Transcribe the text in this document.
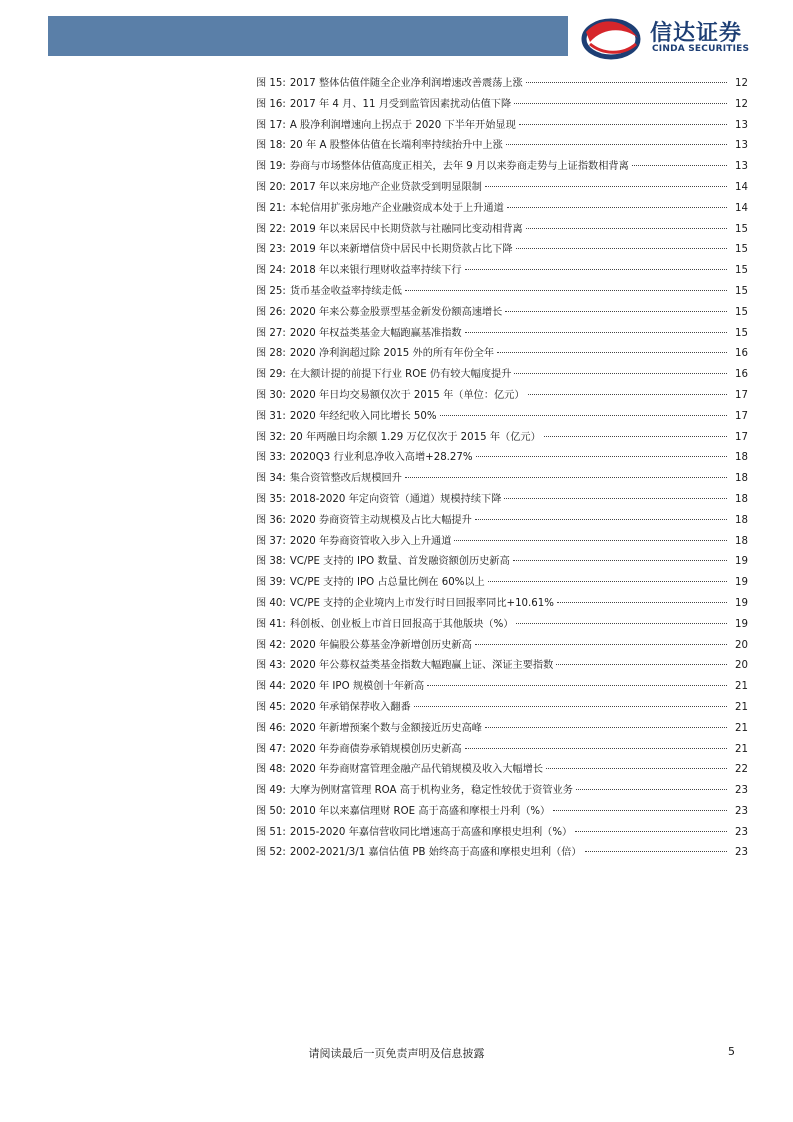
信达证券
CINDA SECURITIES
图 15: 2017 整体估值伴随全企业净利润增速改善震荡上涨	12
图 16: 2017 年 4 月、11 月受到监管因素扰动估值下降	12
图 17: A 股净利润增速向上拐点于 2020 下半年开始显现	13
图 18: 20 年 A 股整体估值在长端利率持续抬升中上涨	13
图 19: 券商与市场整体估值高度正相关，去年 9 月以来券商走势与上证指数相背离	13
图 20: 2017 年以来房地产企业贷款受到明显限制	14
图 21: 本轮信用扩张房地产企业融资成本处于上升通道	14
图 22: 2019 年以来居民中长期贷款与社融同比变动相背离	15
图 23: 2019 年以来新增信贷中居民中长期贷款占比下降	15
图 24: 2018 年以来银行理财收益率持续下行	15
图 25: 货币基金收益率持续走低	15
图 26: 2020 年来公募金股票型基金新发份额高速增长	15
图 27: 2020 年权益类基金大幅跑赢基准指数	15
图 28: 2020 净利润超过除 2015 外的所有年份全年	16
图 29: 在大额计提的前提下行业 ROE 仍有较大幅度提升	16
图 30: 2020 年日均交易额仅次于 2015 年（单位：亿元）	17
图 31: 2020 年经纪收入同比增长 50%	17
图 32: 20 年两融日均余额 1.29 万亿仅次于 2015 年（亿元）	17
图 33: 2020Q3 行业利息净收入高增+28.27%	18
图 34: 集合资管整改后规模回升	18
图 35: 2018-2020 年定向资管（通道）规模持续下降	18
图 36: 2020 券商资管主动规模及占比大幅提升	18
图 37: 2020 年券商资管收入步入上升通道	18
图 38: VC/PE 支持的 IPO 数量、首发融资额创历史新高	19
图 39: VC/PE 支持的 IPO 占总量比例在 60%以上	19
图 40: VC/PE 支持的企业境内上市发行时日回报率同比+10.61%	19
图 41: 科创板、创业板上市首日回报高于其他版块（%）	19
图 42: 2020 年偏股公募基金净新增创历史新高	20
图 43: 2020 年公募权益类基金指数大幅跑赢上证、深证主要指数	20
图 44: 2020 年 IPO 规模创十年新高	21
图 45: 2020 年承销保荐收入翻番	21
图 46: 2020 年新增预案个数与金额接近历史高峰	21
图 47: 2020 年券商债券承销规模创历史新高	21
图 48: 2020 年券商财富管理金融产品代销规模及收入大幅增长	22
图 49: 大摩为例财富管理 ROA 高于机构业务，稳定性较优于资管业务	23
图 50: 2010 年以来嘉信理财 ROE 高于高盛和摩根士丹利（%）	23
图 51: 2015-2020 年嘉信营收同比增速高于高盛和摩根史坦利（%）	23
图 52: 2002-2021/3/1 嘉信估值 PB 始终高于高盛和摩根史坦利（倍）	23
请阅读最后一页免责声明及信息披露	5
